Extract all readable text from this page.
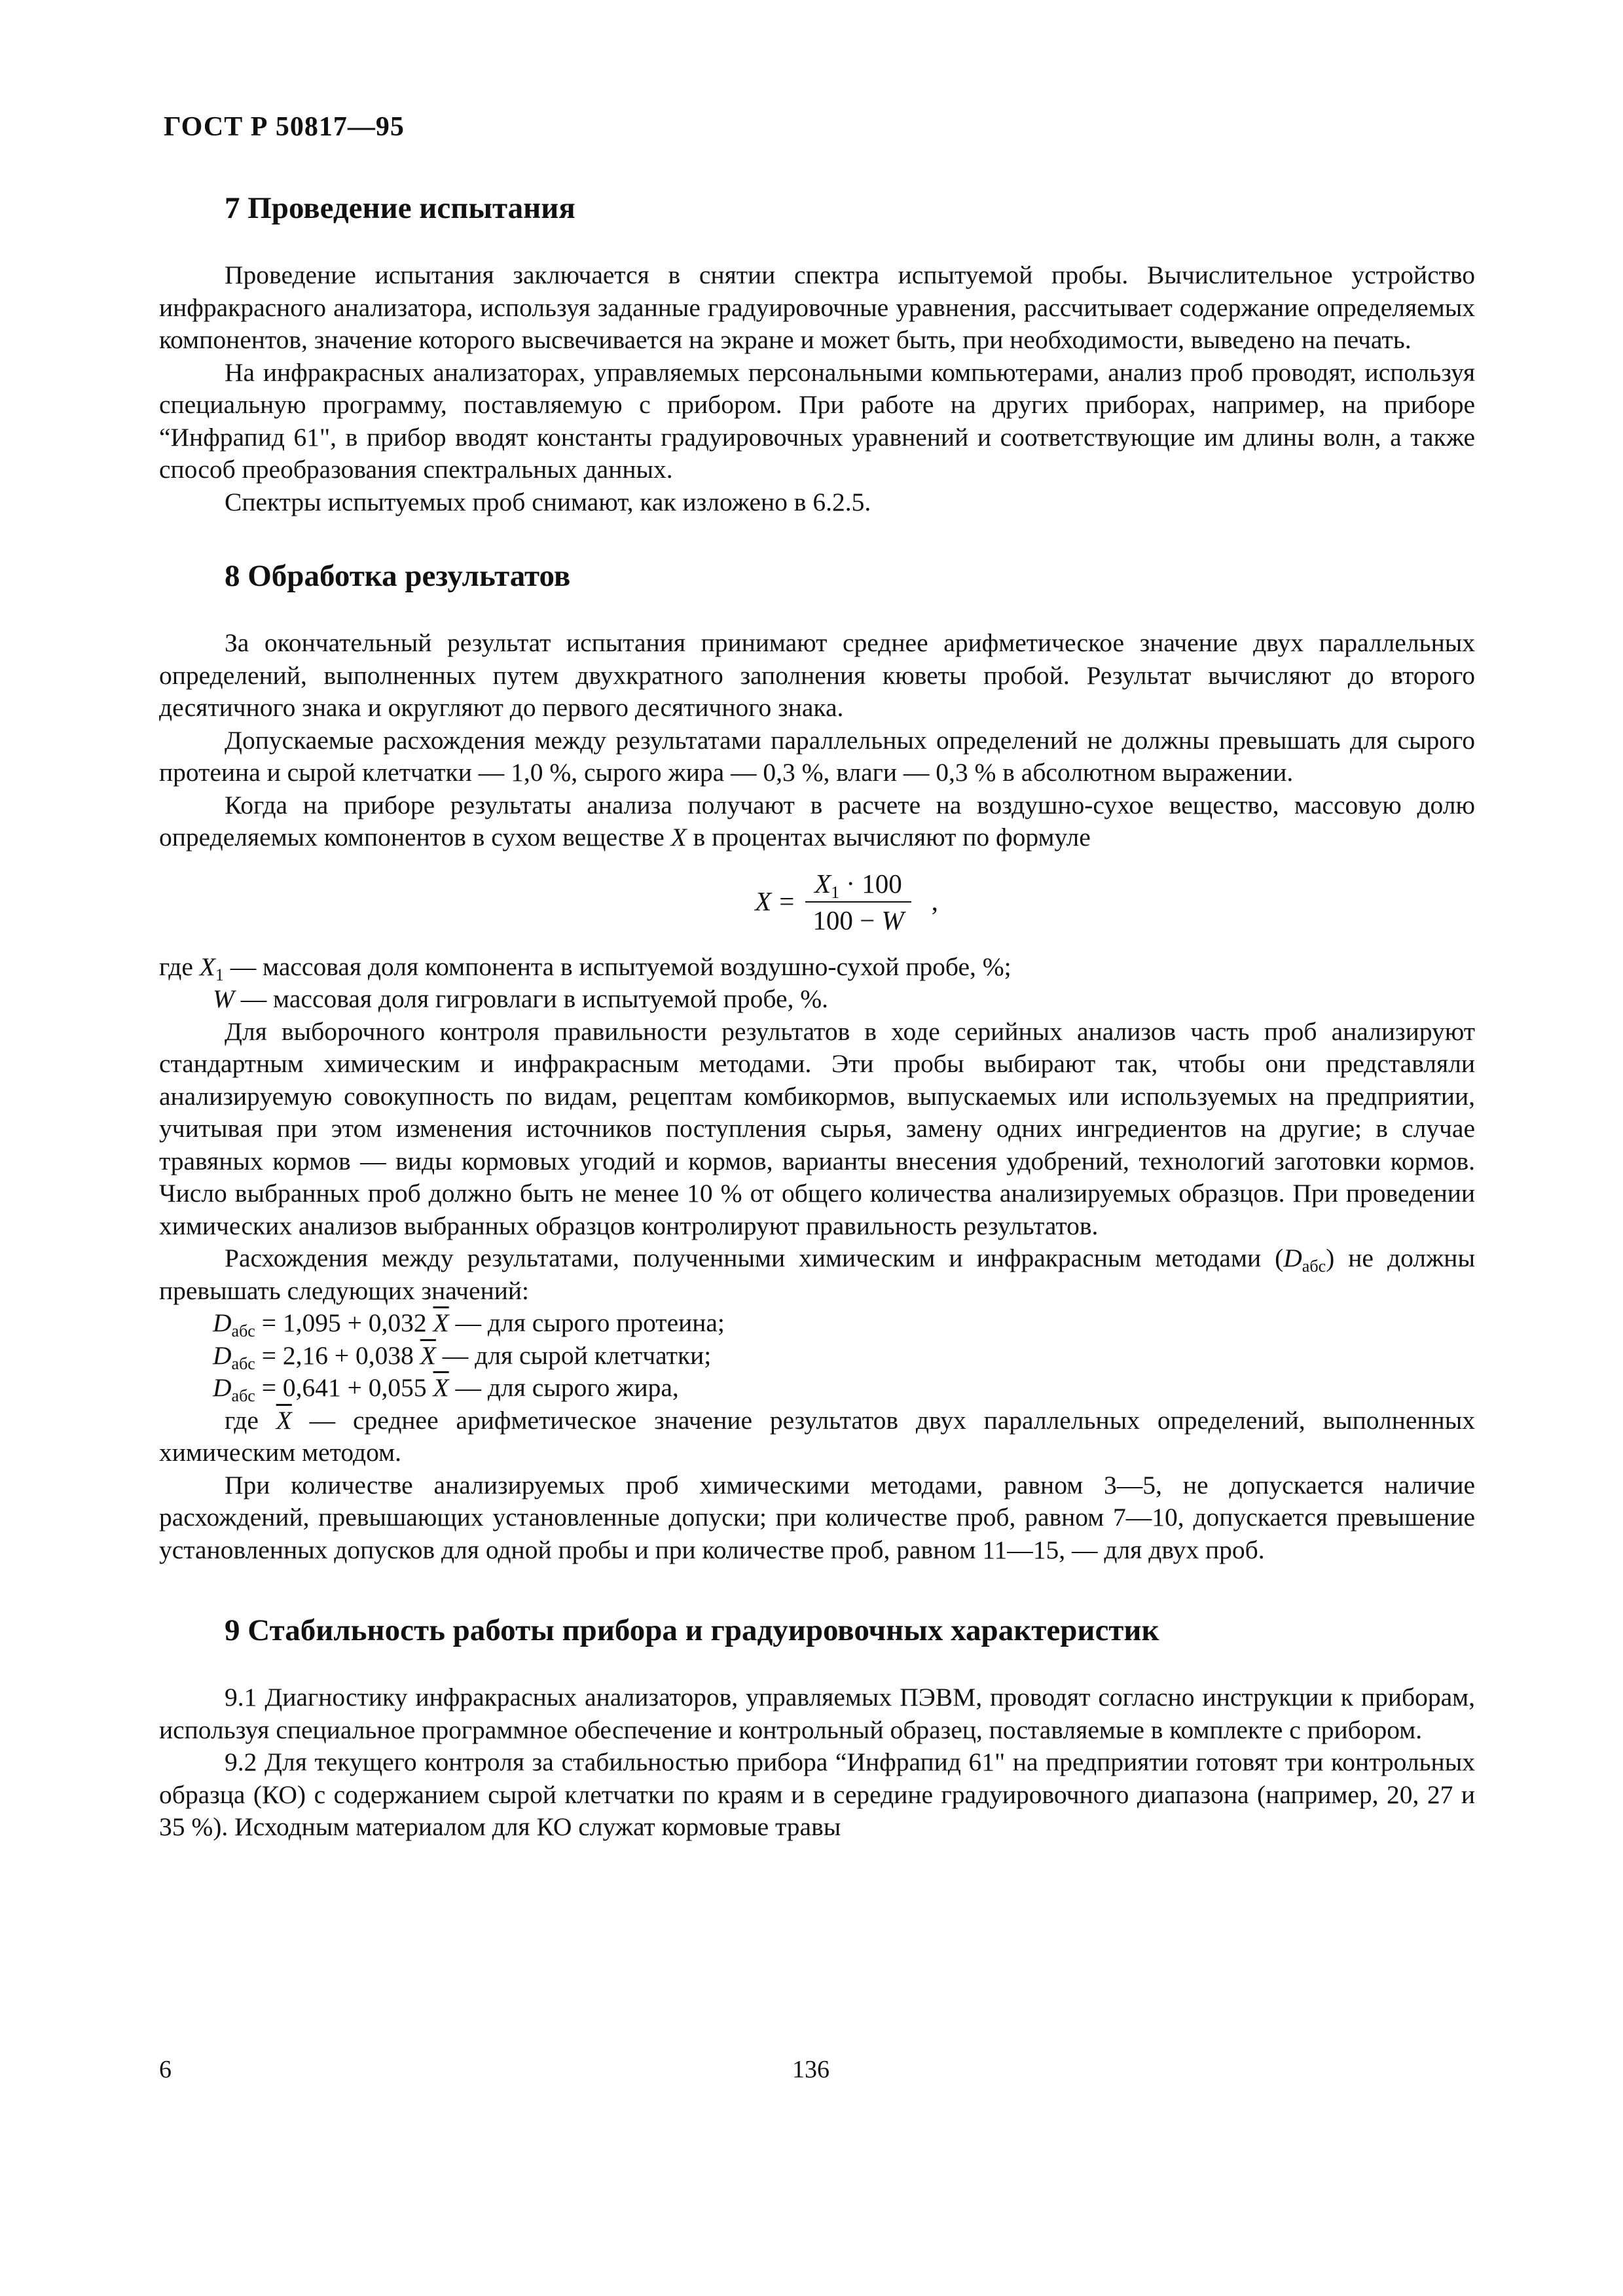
ГОСТ Р 50817—95
7 Проведение испытания

Проведение испытания заключается в снятии спектра испытуемой пробы. Вычислительное устройство инфракрасного анализатора, используя заданные градуировочные уравнения, рассчитывает содержание определяемых компонентов, значение которого высвечивается на экране и может быть, при необходимости, выведено на печать.

На инфракрасных анализаторах, управляемых персональными компьютерами, анализ проб проводят, используя специальную программу, поставляемую с прибором. При работе на других приборах, например, на приборе “Инфрапид 61", в прибор вводят константы градуировочных уравнений и соответствующие им длины волн, а также способ преобразования спектральных данных.

Спектры испытуемых проб снимают, как изложено в 6.2.5.

8 Обработка результатов

За окончательный результат испытания принимают среднее арифметическое значение двух параллельных определений, выполненных путем двухкратного заполнения кюветы пробой. Результат вычисляют до второго десятичного знака и округляют до первого десятичного знака.

Допускаемые расхождения между результатами параллельных определений не должны превышать для сырого протеина и сырой клетчатки — 1,0 %, сырого жира — 0,3 %, влаги — 0,3 % в абсолютном выражении.

Когда на приборе результаты анализа получают в расчете на воздушно-сухое вещество, массовую долю определяемых компонентов в сухом веществе X в процентах вычисляют по формуле

$X = \frac{X_1 \cdot 100}{100 - W}$ ,

где $X_1$ — массовая доля компонента в испытуемой воздушно-сухой пробе, %;

W — массовая доля гигровлаги в испытуемой пробе, %.

Для выборочного контроля правильности результатов в ходе серийных анализов часть проб анализируют стандартным химическим и инфракрасным методами. Эти пробы выбирают так, чтобы они представляли анализируемую совокупность по видам, рецептам комбикормов, выпускаемых или используемых на предприятии, учитывая при этом изменения источников поступления сырья, замену одних ингредиентов на другие; в случае травяных кормов — виды кормовых угодий и кормов, варианты внесения удобрений, технологий заготовки кормов. Число выбранных проб должно быть не менее 10 % от общего количества анализируемых образцов. При проведении химических анализов выбранных образцов контролируют правильность результатов.

Расхождения между результатами, полученными химическим и инфракрасным методами $(D_{абс})$ не должны превышать следующих значений:

$D_{абс} = 1,095 + 0,032$ $\overline{X}$ — для сырого протеина;

$D_{абс} = 2,16 + 0,038$ $\overline{X}$ — для сырой клетчатки;

$D_{абс} = 0,641 + 0,055$ $\overline{X}$ — для сырого жира,

где $\overline{X}$ — среднее арифметическое значение результатов двух параллельных определений, выполненных химическим методом.

При количестве анализируемых проб химическими методами, равном 3—5, не допускается наличие расхождений, превышающих установленные допуски; при количестве проб, равном 7—10, допускается превышение установленных допусков для одной пробы и при количестве проб, равном 11—15, — для двух проб.

9 Стабильность работы прибора и градуировочных характеристик

9.1 Диагностику инфракрасных анализаторов, управляемых ПЭВМ, проводят согласно инструкции к приборам, используя специальное программное обеспечение и контрольный образец, поставляемые в комплекте с прибором.

9.2 Для текущего контроля за стабильностью прибора “Инфрапид 61" на предприятии готовят три контрольных образца (КО) с содержанием сырой клетчатки по краям и в середине градуировочного диапазона (например, 20, 27 и 35 %). Исходным материалом для КО служат кормовые травы

6	136
